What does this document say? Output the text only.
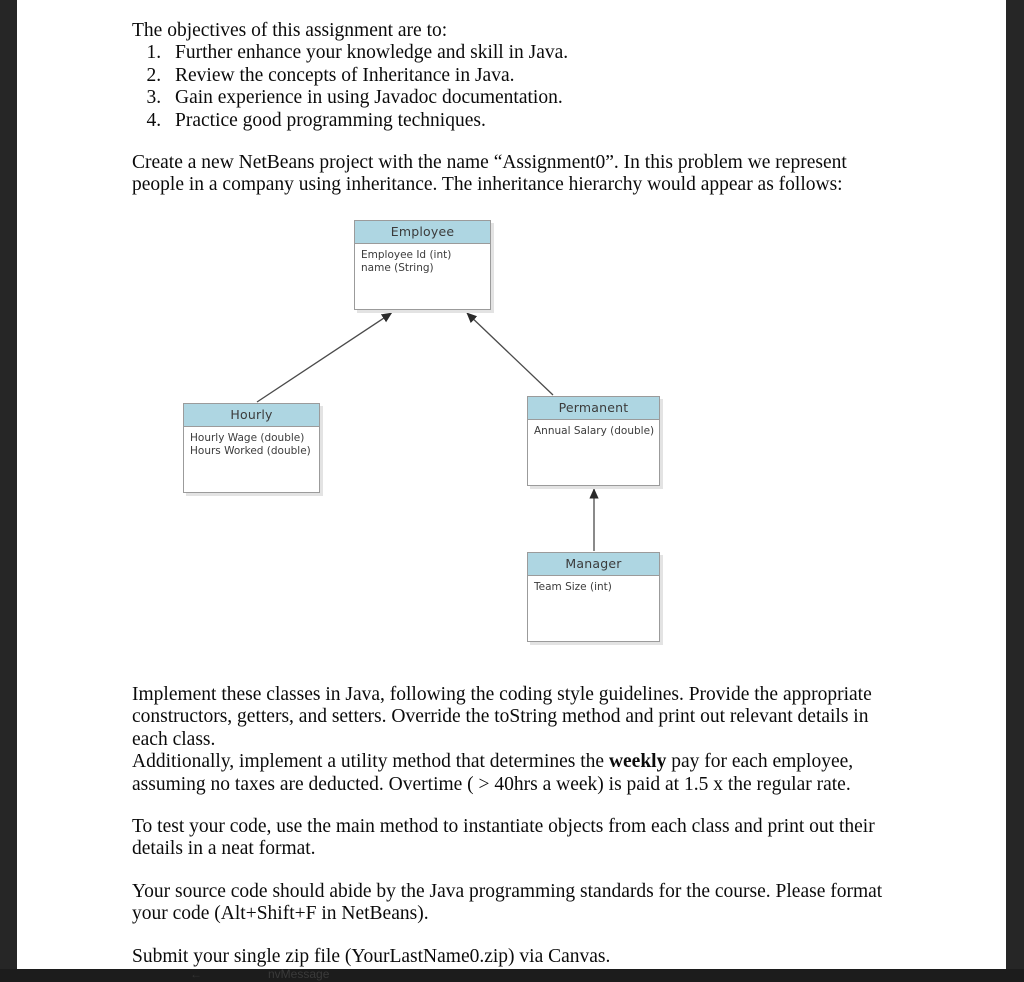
The objectives of this assignment are to:

1. Further enhance your knowledge and skill in Java.
2. Review the concepts of Inheritance in Java.
3. Gain experience in using Javadoc documentation.
4. Practice good programming techniques.

Create a new NetBeans project with the name “Assignment0”. In this problem we represent people in a company using inheritance. The inheritance hierarchy would appear as follows:

Employee
Employee Id (int)
name (String)
Hourly
Hourly Wage (double)
Hours Worked (double)
Permanent
Annual Salary (double)
Manager
Team Size (int)

Implement these classes in Java, following the coding style guidelines. Provide the appropriate constructors, getters, and setters. Override the toString method and print out relevant details in each class.

Additionally, implement a utility method that determines the weekly pay for each employee, assuming no taxes are deducted. Overtime ( > 40hrs a week) is paid at 1.5 x the regular rate.

To test your code, use the main method to instantiate objects from each class and print out their details in a neat format.

Your source code should abide by the Java programming standards for the course. Please format your code (Alt+Shift+F in NetBeans).

Submit your single zip file (YourLastName0.zip) via Canvas.

←	nvMessage
